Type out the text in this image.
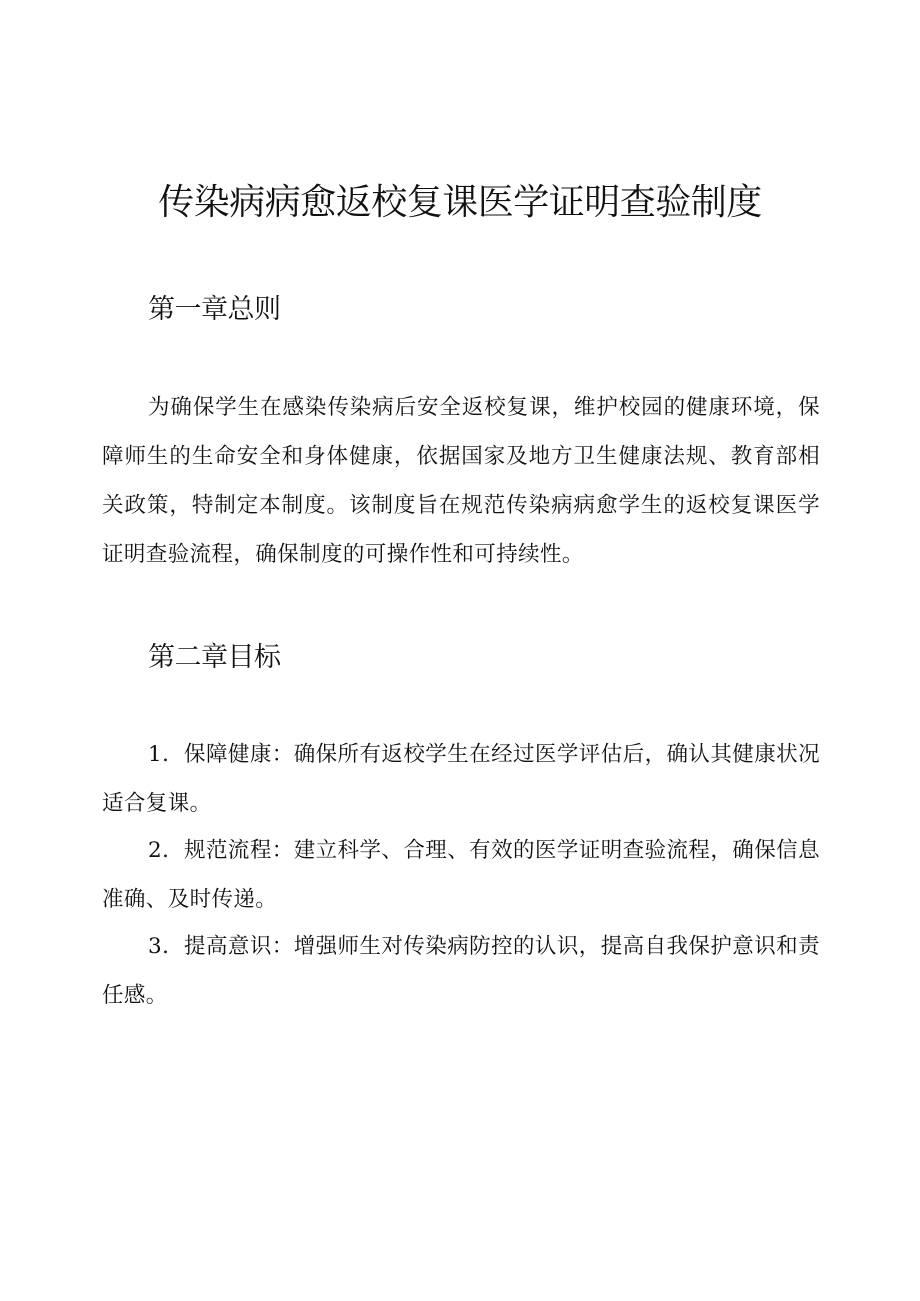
传染病病愈返校复课医学证明查验制度
第一章总则

为确保学生在感染传染病后安全返校复课，维护校园的健康环境，保障师生的生命安全和身体健康，依据国家及地方卫生健康法规、教育部相关政策，特制定本制度。该制度旨在规范传染病病愈学生的返校复课医学证明查验流程，确保制度的可操作性和可持续性。

第二章目标

1．保障健康：确保所有返校学生在经过医学评估后，确认其健康状况适合复课。

2．规范流程：建立科学、合理、有效的医学证明查验流程，确保信息准确、及时传递。

3．提高意识：增强师生对传染病防控的认识，提高自我保护意识和责任感。
